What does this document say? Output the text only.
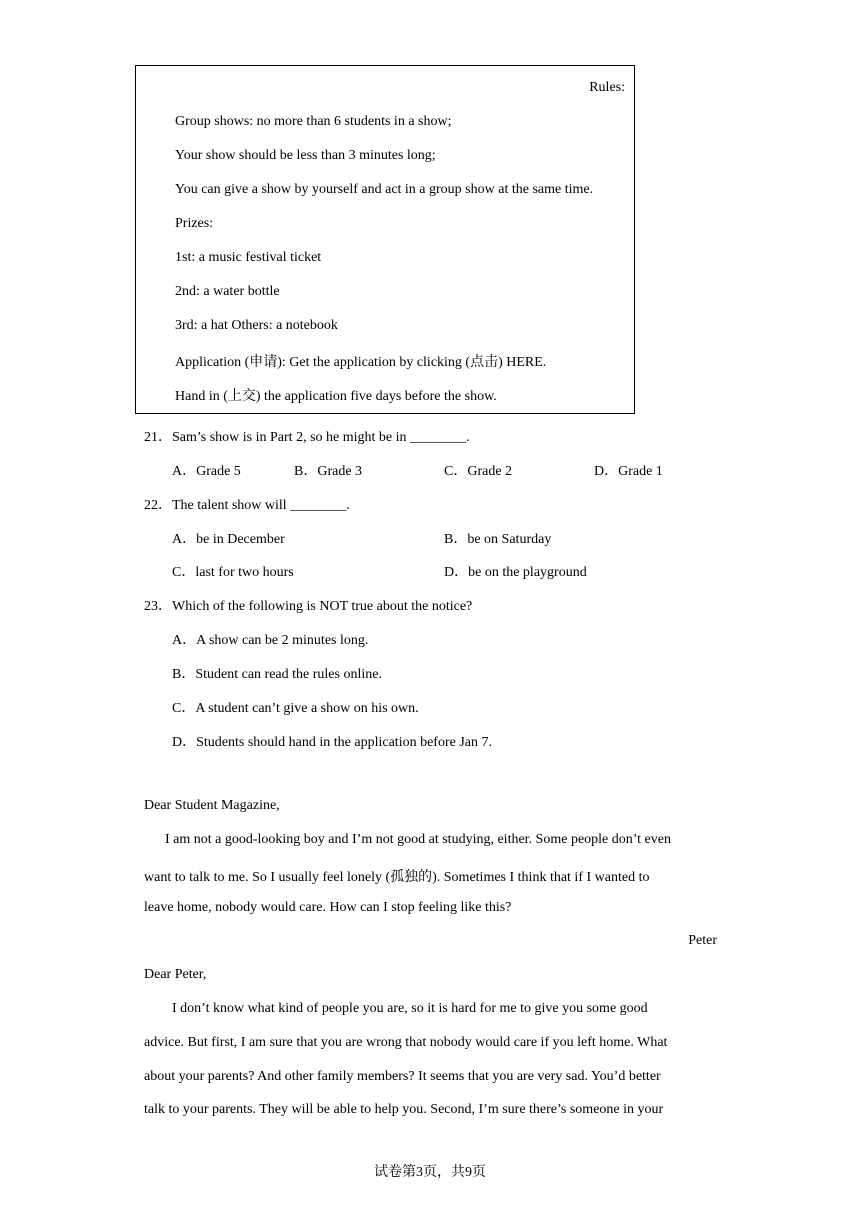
Rules:
Group shows: no more than 6 students in a show;
Your show should be less than 3 minutes long;
You can give a show by yourself and act in a group show at the same time.
Prizes:
1st: a music festival ticket
2nd: a water bottle
3rd: a hat Others: a notebook
Application (申请): Get the application by clicking (点击) HERE.
Hand in (上交) the application five days before the show.
21．Sam’s show is in Part 2, so he might be in ________.
A．Grade 5	B．Grade 3	C．Grade 2	D．Grade 1
22．The talent show will ________.
A．be in December	B．be on Saturday
C．last for two hours	D．be on the playground
23．Which of the following is NOT true about the notice?
A．A show can be 2 minutes long.
B．Student can read the rules online.
C．A student can’t give a show on his own.
D．Students should hand in the application before Jan 7.
Dear Student Magazine,
I am not a good-looking boy and I’m not good at studying, either. Some people don’t even
want to talk to me. So I usually feel lonely (孤独的). Sometimes I think that if I wanted to
leave home, nobody would care. How can I stop feeling like this?
Peter
Dear Peter,
I don’t know what kind of people you are, so it is hard for me to give you some good
advice. But first, I am sure that you are wrong that nobody would care if you left home. What
about your parents? And other family members? It seems that you are very sad. You’d better
talk to your parents. They will be able to help you. Second, I’m sure there’s someone in your
试卷第3页，共9页
